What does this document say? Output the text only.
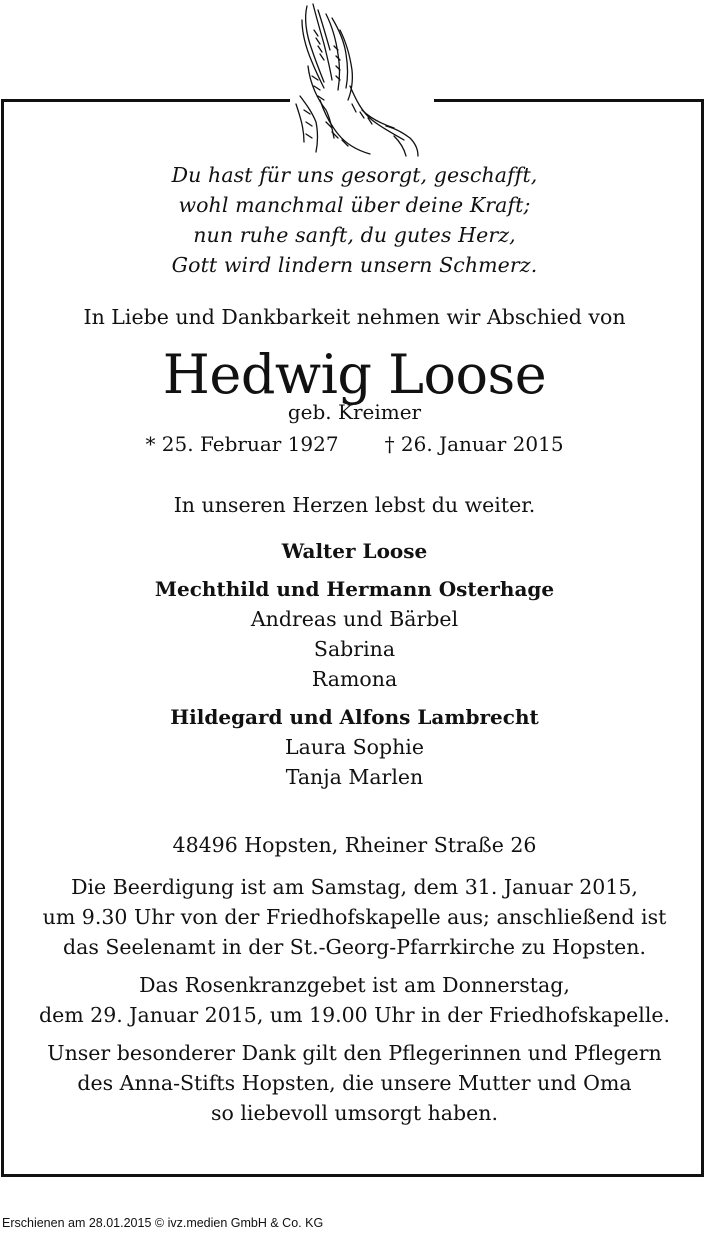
Du hast für uns gesorgt, geschafft,
wohl manchmal über deine Kraft;
nun ruhe sanft, du gutes Herz,
Gott wird lindern unsern Schmerz.
In Liebe und Dankbarkeit nehmen wir Abschied von
Hedwig Loose
geb. Kreimer
* 25. Februar 1927 † 26. Januar 2015
In unseren Herzen lebst du weiter.
Walter Loose
Mechthild und Hermann Osterhage
Andreas und Bärbel
Sabrina
Ramona
Hildegard und Alfons Lambrecht
Laura Sophie
Tanja Marlen
48496 Hopsten, Rheiner Straße 26
Die Beerdigung ist am Samstag, dem 31. Januar 2015,
um 9.30 Uhr von der Friedhofskapelle aus; anschließend ist
das Seelenamt in der St.-Georg-Pfarrkirche zu Hopsten.
Das Rosenkranzgebet ist am Donnerstag,
dem 29. Januar 2015, um 19.00 Uhr in der Friedhofskapelle.
Unser besonderer Dank gilt den Pflegerinnen und Pflegern
des Anna-Stifts Hopsten, die unsere Mutter und Oma
so liebevoll umsorgt haben.
Erschienen am 28.01.2015 © ivz.medien GmbH & Co. KG
